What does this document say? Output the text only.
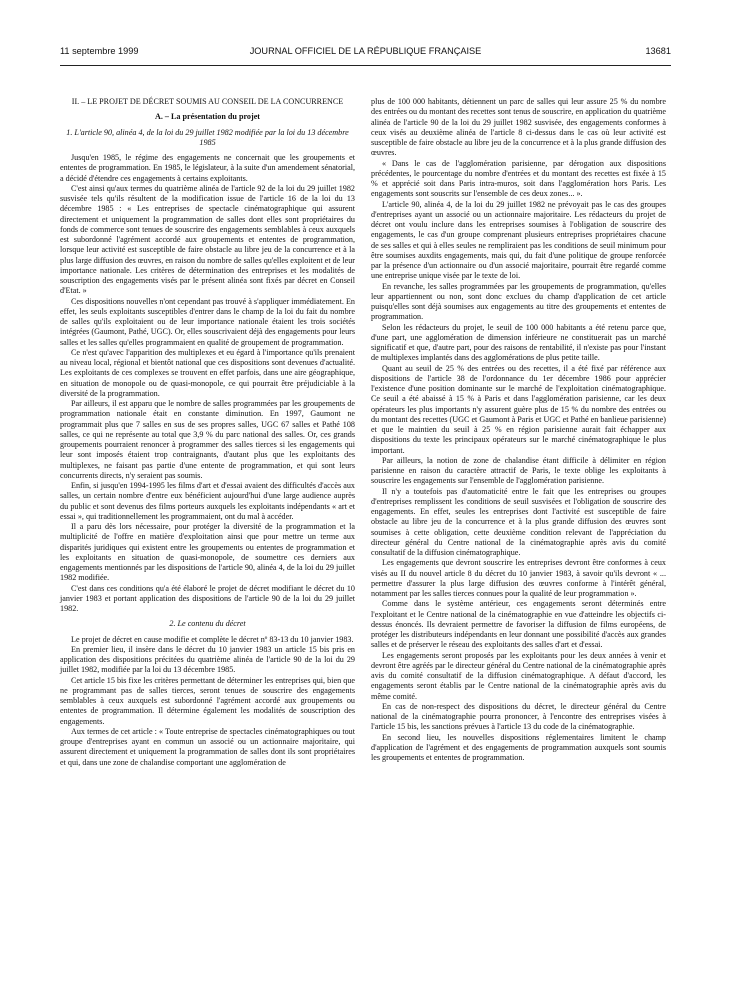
11 septembre 1999	JOURNAL OFFICIEL DE LA RÉPUBLIQUE FRANÇAISE	13681

II. – LE PROJET DE DÉCRET SOUMIS AU CONSEIL DE LA CONCURRENCE

A. – La présentation du projet

1. L'article 90, alinéa 4, de la loi du 29 juillet 1982 modifiée par la loi du 13 décembre 1985

Jusqu'en 1985, le régime des engagements ne concernait que les groupements et ententes de programmation. En 1985, le législateur, à la suite d'un amendement sénatorial, a décidé d'étendre ces engagements à certains exploitants.

C'est ainsi qu'aux termes du quatrième alinéa de l'article 92 de la loi du 29 juillet 1982 susvisée tels qu'ils résultent de la modification issue de l'article 16 de la loi du 13 décembre 1985 : « Les entreprises de spectacle cinématographique qui assurent directement et uniquement la programmation de salles dont elles sont propriétaires du fonds de commerce sont tenues de souscrire des engagements semblables à ceux auxquels est subordonné l'agrément accordé aux groupements et ententes de programmation, lorsque leur activité est susceptible de faire obstacle au libre jeu de la concurrence et à la plus large diffusion des œuvres, en raison du nombre de salles qu'elles exploitent et de leur importance nationale. Les critères de détermination des entreprises et les modalités de souscription des engagements visés par le présent alinéa sont fixés par décret en Conseil d'Etat. »

Ces dispositions nouvelles n'ont cependant pas trouvé à s'appliquer immédiatement. En effet, les seuls exploitants susceptibles d'entrer dans le champ de la loi du fait du nombre de salles qu'ils exploitaient ou de leur importance nationale étaient les trois sociétés intégrées (Gaumont, Pathé, UGC). Or, elles souscrivaient déjà des engagements pour leurs salles et les salles qu'elles programmaient en qualité de groupement de programmation.

Ce n'est qu'avec l'apparition des multiplexes et eu égard à l'importance qu'ils prenaient au niveau local, régional et bientôt national que ces dispositions sont devenues d'actualité. Les exploitants de ces complexes se trouvent en effet parfois, dans une aire géographique, en situation de monopole ou de quasi-monopole, ce qui pourrait être préjudiciable à la diversité de la programmation.

Par ailleurs, il est apparu que le nombre de salles programmées par les groupements de programmation nationale était en constante diminution. En 1997, Gaumont ne programmait plus que 7 salles en sus de ses propres salles, UGC 67 salles et Pathé 108 salles, ce qui ne représente au total que 3,9 % du parc national des salles. Or, ces grands groupements pourraient renoncer à programmer des salles tierces si les engagements qui leur sont imposés étaient trop contraignants, d'autant plus que les exploitants des multiplexes, ne faisant pas partie d'une entente de programmation, et qui sont leurs concurrents directs, n'y seraient pas soumis.

Enfin, si jusqu'en 1994-1995 les films d'art et d'essai avaient des difficultés d'accès aux salles, un certain nombre d'entre eux bénéficient aujourd'hui d'une large audience auprès du public et sont devenus des films porteurs auxquels les exploitants indépendants « art et essai », qui traditionnellement les programmaient, ont du mal à accéder.

Il a paru dès lors nécessaire, pour protéger la diversité de la programmation et la multiplicité de l'offre en matière d'exploitation ainsi que pour mettre un terme aux disparités juridiques qui existent entre les groupements ou ententes de programmation et les exploitants en situation de quasi-monopole, de soumettre ces derniers aux engagements mentionnés par les dispositions de l'article 90, alinéa 4, de la loi du 29 juillet 1982 modifiée.

C'est dans ces conditions qu'a été élaboré le projet de décret modifiant le décret du 10 janvier 1983 et portant application des dispositions de l'article 90 de la loi du 29 juillet 1982.

2. Le contenu du décret

Le projet de décret en cause modifie et complète le décret nº 83-13 du 10 janvier 1983.

En premier lieu, il insère dans le décret du 10 janvier 1983 un article 15 bis pris en application des dispositions précitées du quatrième alinéa de l'article 90 de la loi du 29 juillet 1982, modifiée par la loi du 13 décembre 1985.

Cet article 15 bis fixe les critères permettant de déterminer les entreprises qui, bien que ne programmant pas de salles tierces, seront tenues de souscrire des engagements semblables à ceux auxquels est subordonné l'agrément accordé aux groupements ou ententes de programmation. Il détermine également les modalités de souscription des engagements.

Aux termes de cet article : « Toute entreprise de spectacles cinématographiques ou tout groupe d'entreprises ayant en commun un associé ou un actionnaire majoritaire, qui assurent directement et uniquement la programmation de salles dont ils sont propriétaires et qui, dans une zone de chalandise comportant une agglomération de

plus de 100 000 habitants, détiennent un parc de salles qui leur assure 25 % du nombre des entrées ou du montant des recettes sont tenus de souscrire, en application du quatrième alinéa de l'article 90 de la loi du 29 juillet 1982 susvisée, des engagements conformes à ceux visés au deuxième alinéa de l'article 8 ci-dessus dans le cas où leur activité est susceptible de faire obstacle au libre jeu de la concurrence et à la plus grande diffusion des œuvres.

« Dans le cas de l'agglomération parisienne, par dérogation aux dispositions précédentes, le pourcentage du nombre d'entrées et du montant des recettes est fixée à 15 % et apprécié soit dans Paris intra-muros, soit dans l'agglomération hors Paris. Les engagements sont souscrits sur l'ensemble de ces deux zones... ».

L'article 90, alinéa 4, de la loi du 29 juillet 1982 ne prévoyait pas le cas des groupes d'entreprises ayant un associé ou un actionnaire majoritaire. Les rédacteurs du projet de décret ont voulu inclure dans les entreprises soumises à l'obligation de souscrire des engagements, le cas d'un groupe comprenant plusieurs entreprises propriétaires chacune de ses salles et qui à elles seules ne rempliraient pas les conditions de seuil minimum pour être soumises auxdits engagements, mais qui, du fait d'une politique de groupe renforcée par la présence d'un actionnaire ou d'un associé majoritaire, pourrait être regardé comme une entreprise unique visée par le texte de loi.

En revanche, les salles programmées par les groupements de programmation, qu'elles leur appartiennent ou non, sont donc exclues du champ d'application de cet article puisqu'elles sont déjà soumises aux engagements au titre des groupements et ententes de programmation.

Selon les rédacteurs du projet, le seuil de 100 000 habitants a été retenu parce que, d'une part, une agglomération de dimension inférieure ne constituerait pas un marché significatif et que, d'autre part, pour des raisons de rentabilité, il n'existe pas pour l'instant de multiplexes implantés dans des agglomérations de plus petite taille.

Quant au seuil de 25 % des entrées ou des recettes, il a été fixé par référence aux dispositions de l'article 38 de l'ordonnance du 1er décembre 1986 pour apprécier l'existence d'une position dominante sur le marché de l'exploitation cinématographique. Ce seuil a été abaissé à 15 % à Paris et dans l'agglomération parisienne, car les deux opérateurs les plus importants n'y assurent guère plus de 15 % du nombre des entrées ou du montant des recettes (UGC et Gaumont à Paris et UGC et Pathé en banlieue parisienne) et que le maintien du seuil à 25 % en région parisienne aurait fait échapper aux dispositions du texte les principaux opérateurs sur le marché cinématographique le plus important.

Par ailleurs, la notion de zone de chalandise étant difficile à délimiter en région parisienne en raison du caractère attractif de Paris, le texte oblige les exploitants à souscrire les engagements sur l'ensemble de l'agglomération parisienne.

Il n'y a toutefois pas d'automaticité entre le fait que les entreprises ou groupes d'entreprises remplissent les conditions de seuil susvisées et l'obligation de souscrire des engagements. En effet, seules les entreprises dont l'activité est susceptible de faire obstacle au libre jeu de la concurrence et à la plus grande diffusion des œuvres sont soumises à cette obligation, cette deuxième condition relevant de l'appréciation du directeur général du Centre national de la cinématographie après avis du comité consultatif de la diffusion cinématographique.

Les engagements que devront souscrire les entreprises devront être conformes à ceux visés au II du nouvel article 8 du décret du 10 janvier 1983, à savoir qu'ils devront « ... permettre d'assurer la plus large diffusion des œuvres conforme à l'intérêt général, notamment par les salles tierces connues pour la qualité de leur programmation ».

Comme dans le système antérieur, ces engagements seront déterminés entre l'exploitant et le Centre national de la cinématographie en vue d'atteindre les objectifs ci-dessus énoncés. Ils devraient permettre de favoriser la diffusion de films européens, de protéger les distributeurs indépendants en leur donnant une possibilité d'accès aux grandes salles et de préserver le réseau des exploitants des salles d'art et d'essai.

Les engagements seront proposés par les exploitants pour les deux années à venir et devront être agréés par le directeur général du Centre national de la cinématographie après avis du comité consultatif de la diffusion cinématographique. A défaut d'accord, les engagements seront établis par le Centre national de la cinématographie après avis du même comité.

En cas de non-respect des dispositions du décret, le directeur général du Centre national de la cinématographie pourra prononcer, à l'encontre des entreprises visées à l'article 15 bis, les sanctions prévues à l'article 13 du code de la cinématographie.

En second lieu, les nouvelles dispositions réglementaires limitent le champ d'application de l'agrément et des engagements de programmation auxquels sont soumis les groupements et ententes de programmation.
